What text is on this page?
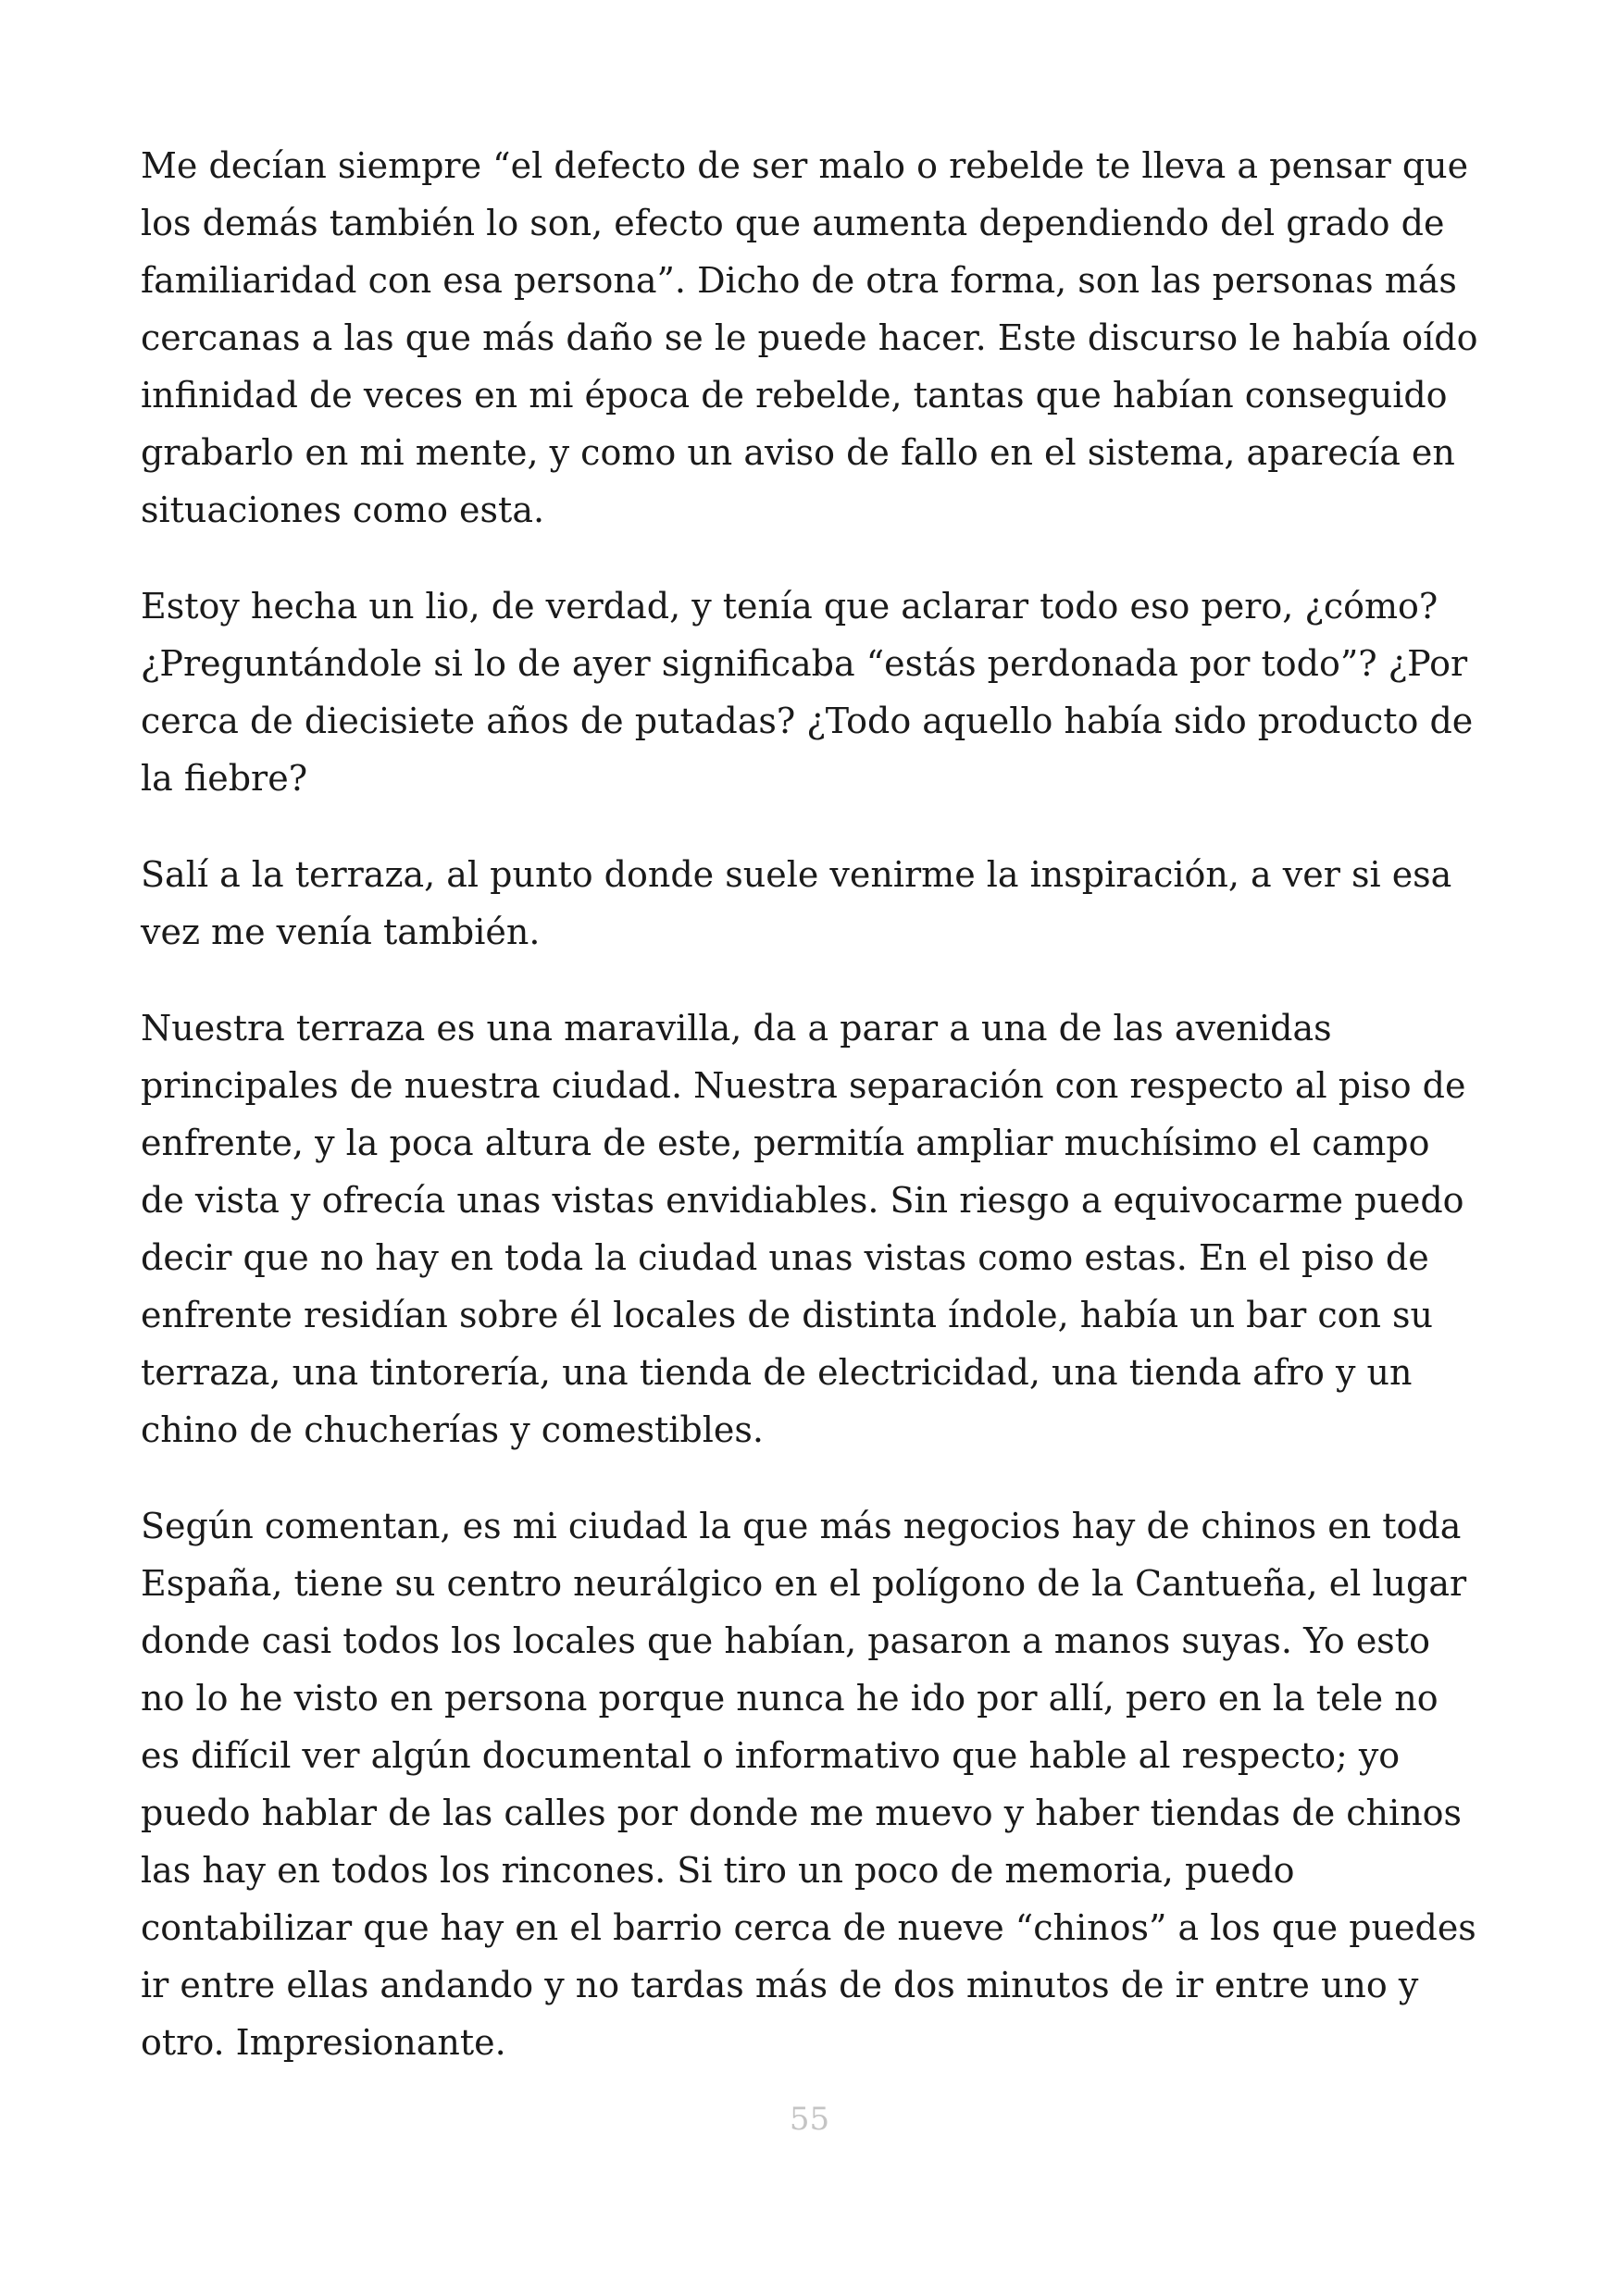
Me decían siempre “el defecto de ser malo o rebelde te lleva a pensar que
los demás también lo son, efecto que aumenta dependiendo del grado de
familiaridad con esa persona”. Dicho de otra forma, son las personas más
cercanas a las que más daño se le puede hacer. Este discurso le había oído
infinidad de veces en mi época de rebelde, tantas que habían conseguido
grabarlo en mi mente, y como un aviso de fallo en el sistema, aparecía en
situaciones como esta.

Estoy hecha un lio, de verdad, y tenía que aclarar todo eso pero, ¿cómo?
¿Preguntándole si lo de ayer significaba “estás perdonada por todo”? ¿Por
cerca de diecisiete años de putadas? ¿Todo aquello había sido producto de
la fiebre?

Salí a la terraza, al punto donde suele venirme la inspiración, a ver si esa
vez me venía también.

Nuestra terraza es una maravilla, da a parar a una de las avenidas
principales de nuestra ciudad. Nuestra separación con respecto al piso de
enfrente, y la poca altura de este, permitía ampliar muchísimo el campo
de vista y ofrecía unas vistas envidiables. Sin riesgo a equivocarme puedo
decir que no hay en toda la ciudad unas vistas como estas. En el piso de
enfrente residían sobre él locales de distinta índole, había un bar con su
terraza, una tintorería, una tienda de electricidad, una tienda afro y un
chino de chucherías y comestibles.

Según comentan, es mi ciudad la que más negocios hay de chinos en toda
España, tiene su centro neurálgico en el polígono de la Cantueña, el lugar
donde casi todos los locales que habían, pasaron a manos suyas. Yo esto
no lo he visto en persona porque nunca he ido por allí, pero en la tele no
es difícil ver algún documental o informativo que hable al respecto; yo
puedo hablar de las calles por donde me muevo y haber tiendas de chinos
las hay en todos los rincones. Si tiro un poco de memoria, puedo
contabilizar que hay en el barrio cerca de nueve “chinos” a los que puedes
ir entre ellas andando y no tardas más de dos minutos de ir entre uno y
otro. Impresionante.

55
